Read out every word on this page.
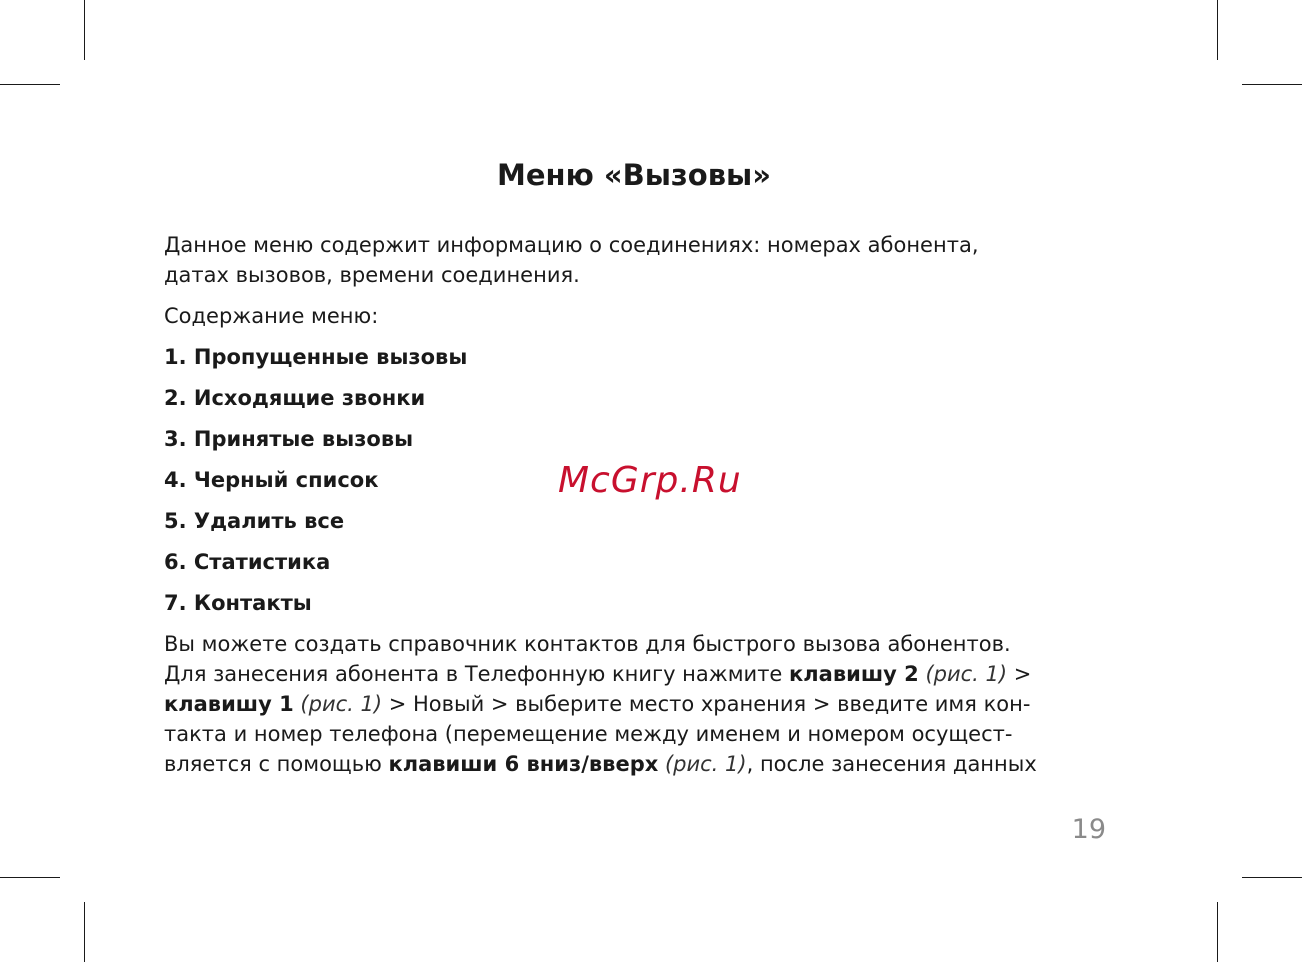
Меню «Вызовы»

Данное меню содержит информацию о соединениях: номерах абонента,
датах вызовов, времени соединения.

Содержание меню:

1. Пропущенные вызовы

2. Исходящие звонки

3. Принятые вызовы

4. Черный список

5. Удалить все

6. Статистика

7. Контакты

Вы можете создать справочник контактов для быстрого вызова абонентов.
Для занесения абонента в Телефонную книгу нажмите клавишу 2 (рис. 1) >
клавишу 1 (рис. 1) > Новый > выберите место хранения > введите имя кон-
такта и номер телефона (перемещение между именем и номером осущест-
вляется с помощью клавиши 6 вниз/вверх (рис. 1), после занесения данных

McGrp.Ru
19
